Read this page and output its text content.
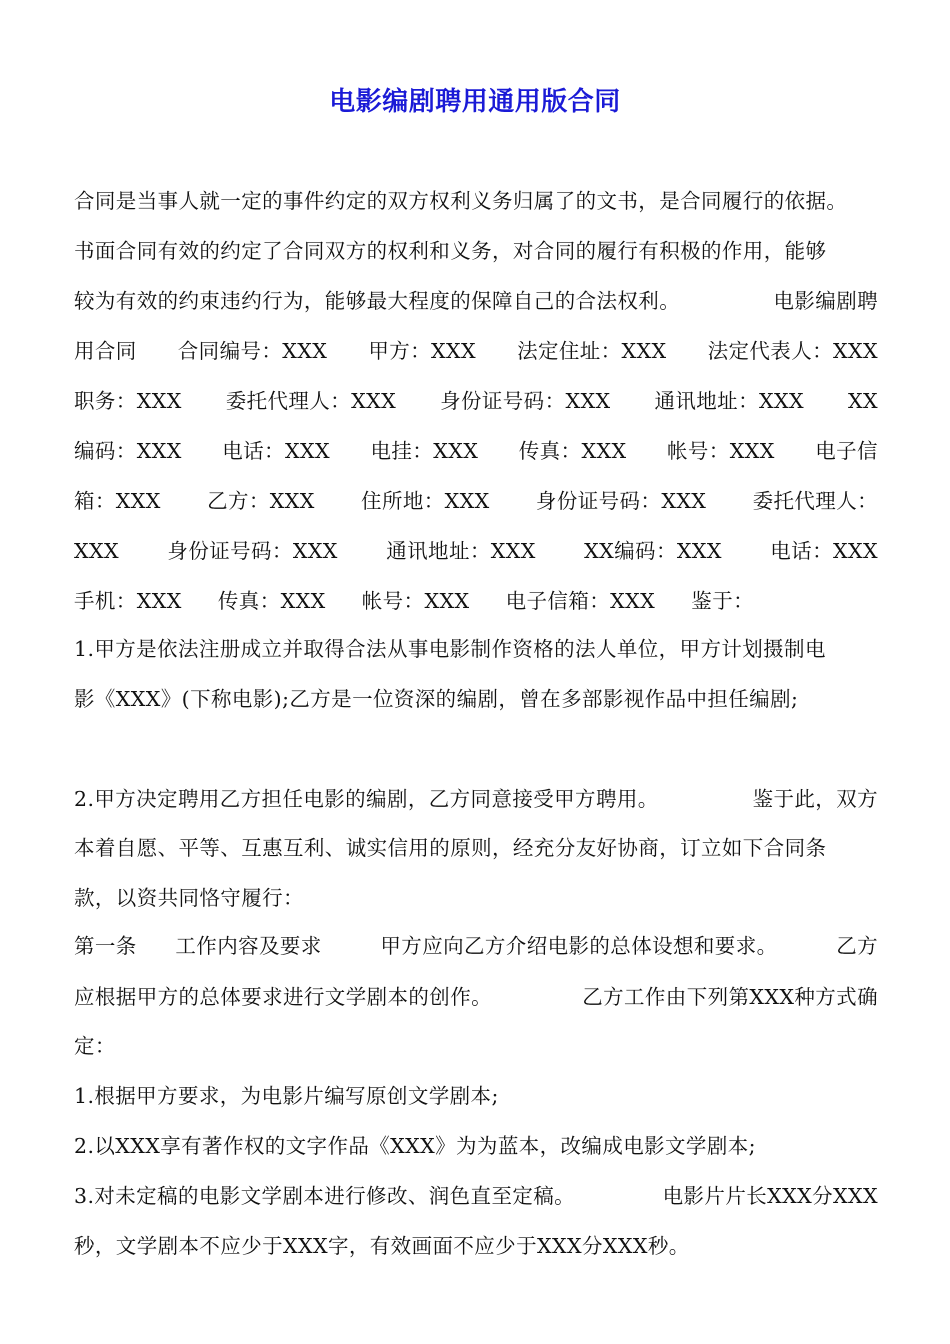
电影编剧聘用通用版合同
合同是当事人就一定的事件约定的双方权利义务归属了的文书，是合同履行的依据。
书面合同有效的约定了合同双方的权利和义务，对合同的履行有积极的作用，能够
较为有效的约束违约行为，能够最大程度的保障自己的合法权利。	电影编剧聘
用合同 合同编号：XXX 甲方：XXX 法定住址：XXX 法定代表人：XXX
职务：XXX 委托代理人：XXX 身份证号码：XXX 通讯地址：XXX XX
编码：XXX 电话：XXX 电挂：XXX 传真：XXX 帐号：XXX 电子信
箱：XXX 乙方：XXX 住所地：XXX 身份证号码：XXX 委托代理人：
XXX 身份证号码：XXX 通讯地址：XXX XX编码：XXX 电话：XXX
手机：XXX 传真：XXX 帐号：XXX 电子信箱：XXX 鉴于：
1.甲方是依法注册成立并取得合法从事电影制作资格的法人单位，甲方计划摄制电
影《XXX》(下称电影);乙方是一位资深的编剧，曾在多部影视作品中担任编剧;
2.甲方决定聘用乙方担任电影的编剧，乙方同意接受甲方聘用。	鉴于此，双方
本着自愿、平等、互惠互利、诚实信用的原则，经充分友好协商，订立如下合同条
款，以资共同恪守履行：
第一条 工作内容及要求	甲方应向乙方介绍电影的总体设想和要求。	乙方
应根据甲方的总体要求进行文学剧本的创作。	乙方工作由下列第XXX种方式确
定：
1.根据甲方要求，为电影片编写原创文学剧本;
2.以XXX享有著作权的文字作品《XXX》为为蓝本，改编成电影文学剧本;
3.对未定稿的电影文学剧本进行修改、润色直至定稿。	电影片片长XXX分XXX
秒，文学剧本不应少于XXX字，有效画面不应少于XXX分XXX秒。
